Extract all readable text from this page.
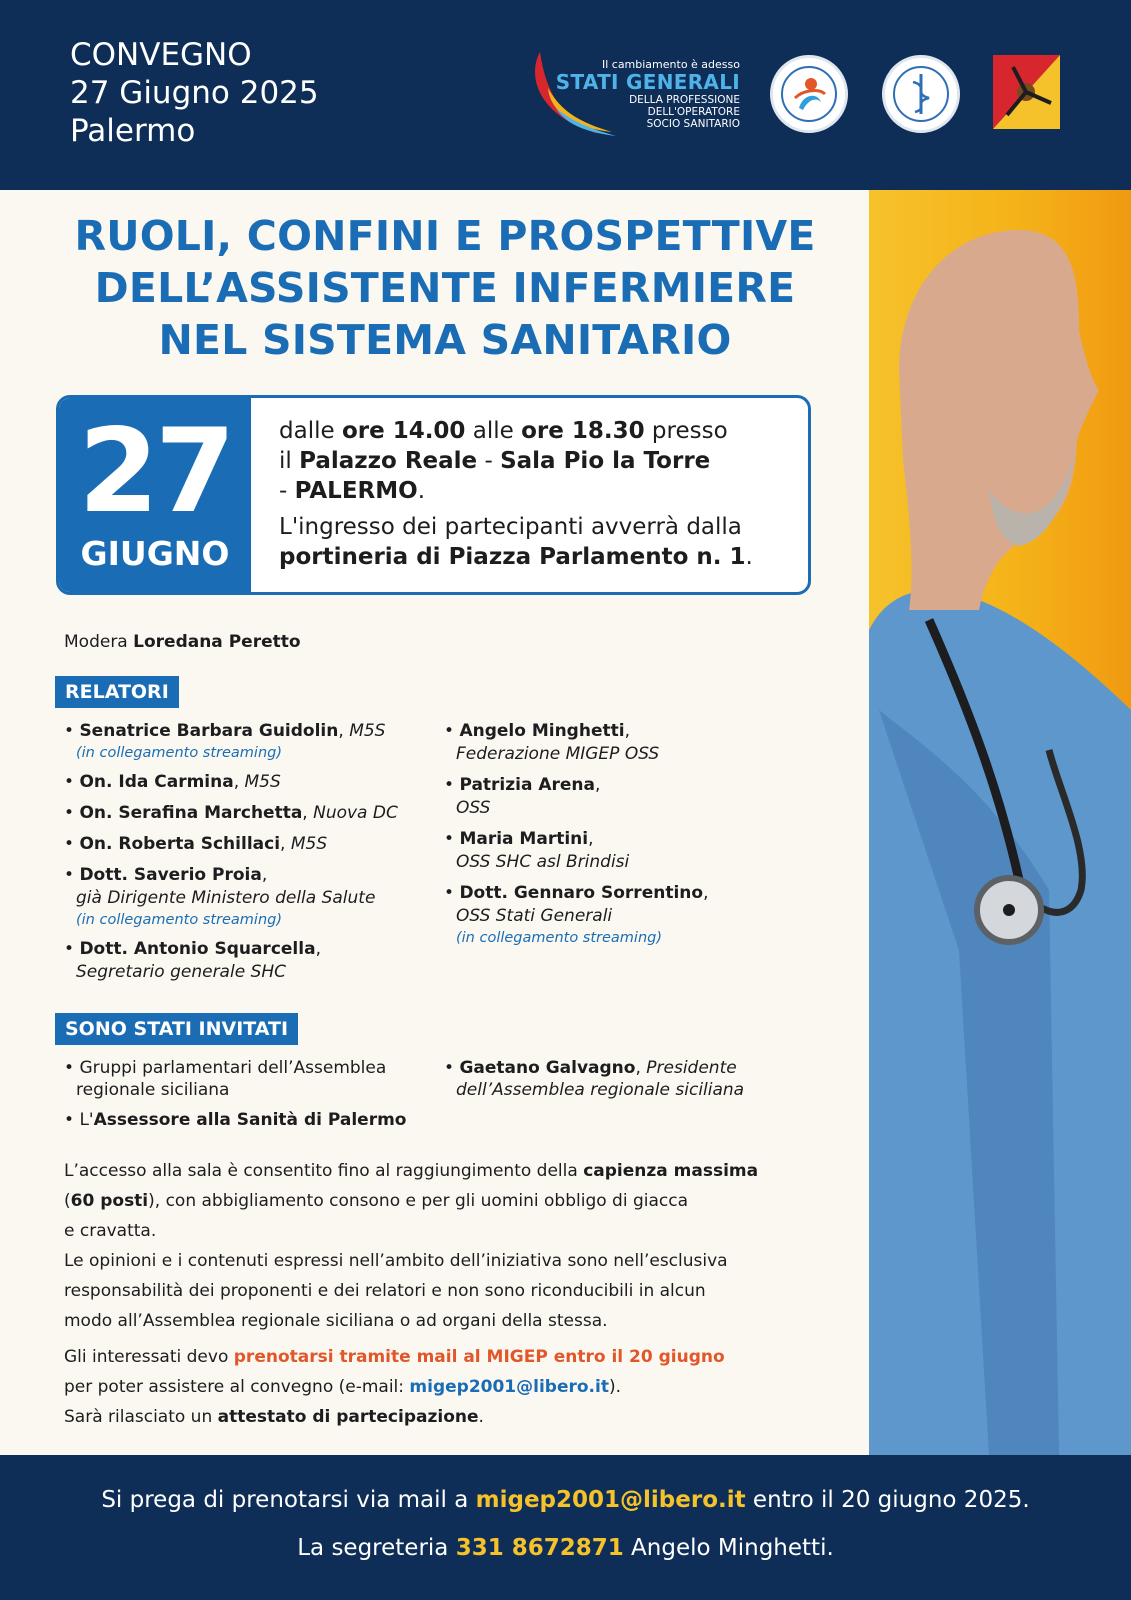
CONVEGNO
27 Giugno 2025
Palermo
Il cambiamento è adesso
STATI GENERALI
DELLA PROFESSIONE
DELL'OPERATORE
SOCIO SANITARIO
RUOLI, CONFINI E PROSPETTIVE
DELL’ASSISTENTE INFERMIERE
NEL SISTEMA SANITARIO
27
GIUGNO

dalle ore 14.00 alle ore 18.30 presso

il Palazzo Reale - Sala Pio la Torre

- PALERMO.

L'ingresso dei partecipanti avverrà dalla

portineria di Piazza Parlamento n. 1.

Modera Loredana Peretto
RELATORI
• Senatrice Barbara Guidolin, M5S
(in collegamento streaming)
• On. Ida Carmina, M5S
• On. Serafina Marchetta, Nuova DC
• On. Roberta Schillaci, M5S
• Dott. Saverio Proia,
già Dirigente Ministero della Salute
(in collegamento streaming)
• Dott. Antonio Squarcella,
Segretario generale SHC
• Angelo Minghetti,
Federazione MIGEP OSS
• Patrizia Arena,
OSS
• Maria Martini,
OSS SHC asl Brindisi
• Dott. Gennaro Sorrentino,
OSS Stati Generali
(in collegamento streaming)
SONO STATI INVITATI
• Gruppi parlamentari dell’Assemblea
regionale siciliana
• L'Assessore alla Sanità di Palermo
• Gaetano Galvagno, Presidente
dell’Assemblea regionale siciliana

L’accesso alla sala è consentito fino al raggiungimento della capienza massima

(60 posti), con abbigliamento consono e per gli uomini obbligo di giacca

e cravatta.

Le opinioni e i contenuti espressi nell’ambito dell’iniziativa sono nell’esclusiva

responsabilità dei proponenti e dei relatori e non sono riconducibili in alcun

modo all’Assemblea regionale siciliana o ad organi della stessa.

Gli interessati devo prenotarsi tramite mail al MIGEP entro il 20 giugno

per poter assistere al convegno (e-mail: migep2001@libero.it).

Sarà rilasciato un attestato di partecipazione.

Si prega di prenotarsi via mail a migep2001@libero.it entro il 20 giugno 2025.
La segreteria 331 8672871 Angelo Minghetti.
